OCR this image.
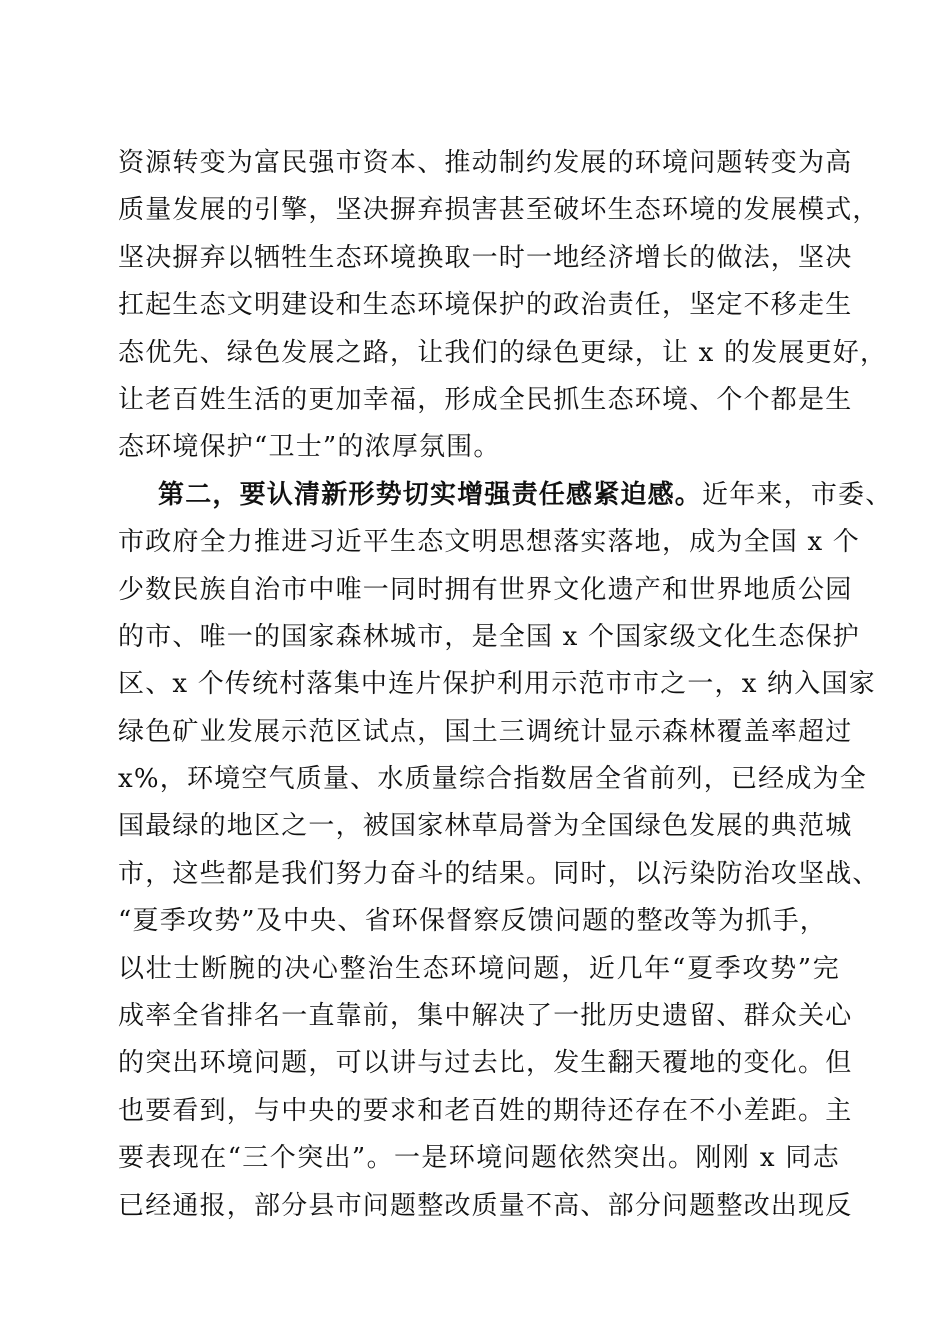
资源转变为富民强市资本、推动制约发展的环境问题转变为高
质量发展的引擎，坚决摒弃损害甚至破坏生态环境的发展模式，
坚决摒弃以牺牲生态环境换取一时一地经济增长的做法，坚决
扛起生态文明建设和生态环境保护的政治责任，坚定不移走生
态优先、绿色发展之路，让我们的绿色更绿，让 x 的发展更好，
让老百姓生活的更加幸福，形成全民抓生态环境、个个都是生
态环境保护“卫士”的浓厚氛围。
第二，要认清新形势切实增强责任感紧迫感。近年来，市委、
市政府全力推进习近平生态文明思想落实落地，成为全国 x 个
少数民族自治市中唯一同时拥有世界文化遗产和世界地质公园
的市、唯一的国家森林城市，是全国 x 个国家级文化生态保护
区、x 个传统村落集中连片保护利用示范市市之一，x 纳入国家
绿色矿业发展示范区试点，国土三调统计显示森林覆盖率超过
x%，环境空气质量、水质量综合指数居全省前列，已经成为全
国最绿的地区之一，被国家林草局誉为全国绿色发展的典范城
市，这些都是我们努力奋斗的结果。同时，以污染防治攻坚战、
“夏季攻势”及中央、省环保督察反馈问题的整改等为抓手，
以壮士断腕的决心整治生态环境问题，近几年“夏季攻势”完
成率全省排名一直靠前，集中解决了一批历史遗留、群众关心
的突出环境问题，可以讲与过去比，发生翻天覆地的变化。但
也要看到，与中央的要求和老百姓的期待还存在不小差距。主
要表现在“三个突出”。一是环境问题依然突出。刚刚 x 同志
已经通报，部分县市问题整改质量不高、部分问题整改出现反
